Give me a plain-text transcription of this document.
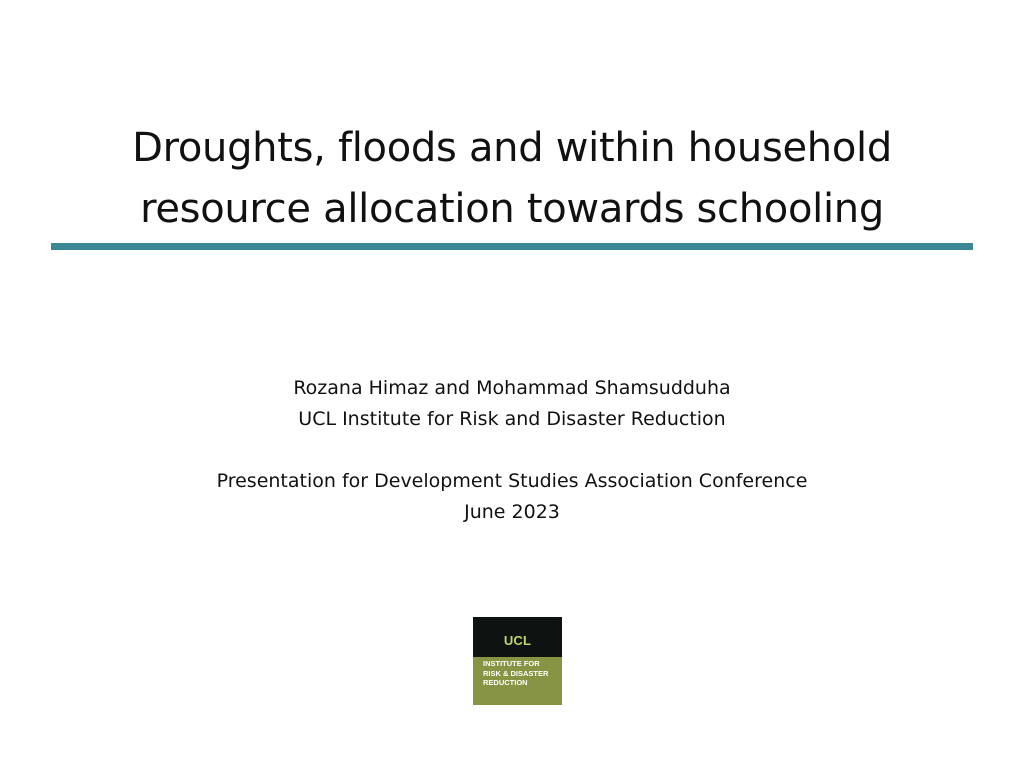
Droughts, floods and within household
resource allocation towards schooling
Rozana Himaz and Mohammad Shamsudduha
UCL Institute for Risk and Disaster Reduction
Presentation for Development Studies Association Conference
June 2023
UCL
INSTITUTE FOR
RISK & DISASTER
REDUCTION
